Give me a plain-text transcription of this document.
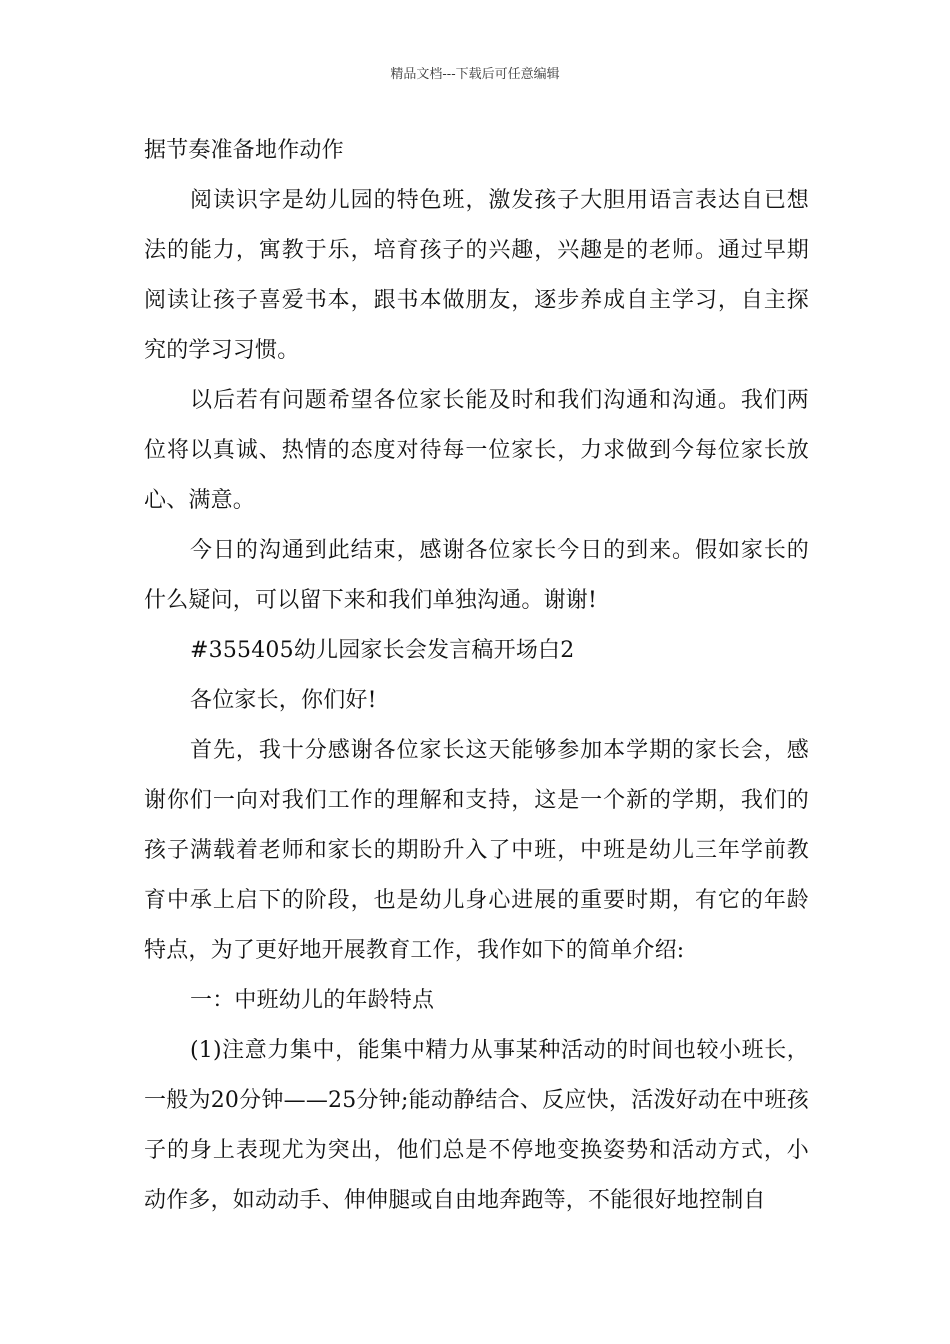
精品文档---下载后可任意编辑

据节奏准备地作动作

阅读识字是幼儿园的特色班，激发孩子大胆用语言表达自已想法的能力，寓教于乐，培育孩子的兴趣，兴趣是的老师。通过早期阅读让孩子喜爱书本，跟书本做朋友，逐步养成自主学习，自主探究的学习习惯。

以后若有问题希望各位家长能及时和我们沟通和沟通。我们两位将以真诚、热情的态度对待每一位家长，力求做到今每位家长放心、满意。

今日的沟通到此结束，感谢各位家长今日的到来。假如家长的什么疑问，可以留下来和我们单独沟通。谢谢!

#355405幼儿园家长会发言稿开场白2

各位家长，你们好!

首先，我十分感谢各位家长这天能够参加本学期的家长会，感谢你们一向对我们工作的理解和支持，这是一个新的学期，我们的孩子满载着老师和家长的期盼升入了中班，中班是幼儿三年学前教育中承上启下的阶段，也是幼儿身心进展的重要时期，有它的年龄特点，为了更好地开展教育工作，我作如下的简单介绍:

一：中班幼儿的年龄特点

(1)注意力集中，能集中精力从事某种活动的时间也较小班长，一般为20分钟——25分钟;能动静结合、反应快，活泼好动在中班孩子的身上表现尤为突出，他们总是不停地变换姿势和活动方式，小动作多，如动动手、伸伸腿或自由地奔跑等，不能很好地控制自
